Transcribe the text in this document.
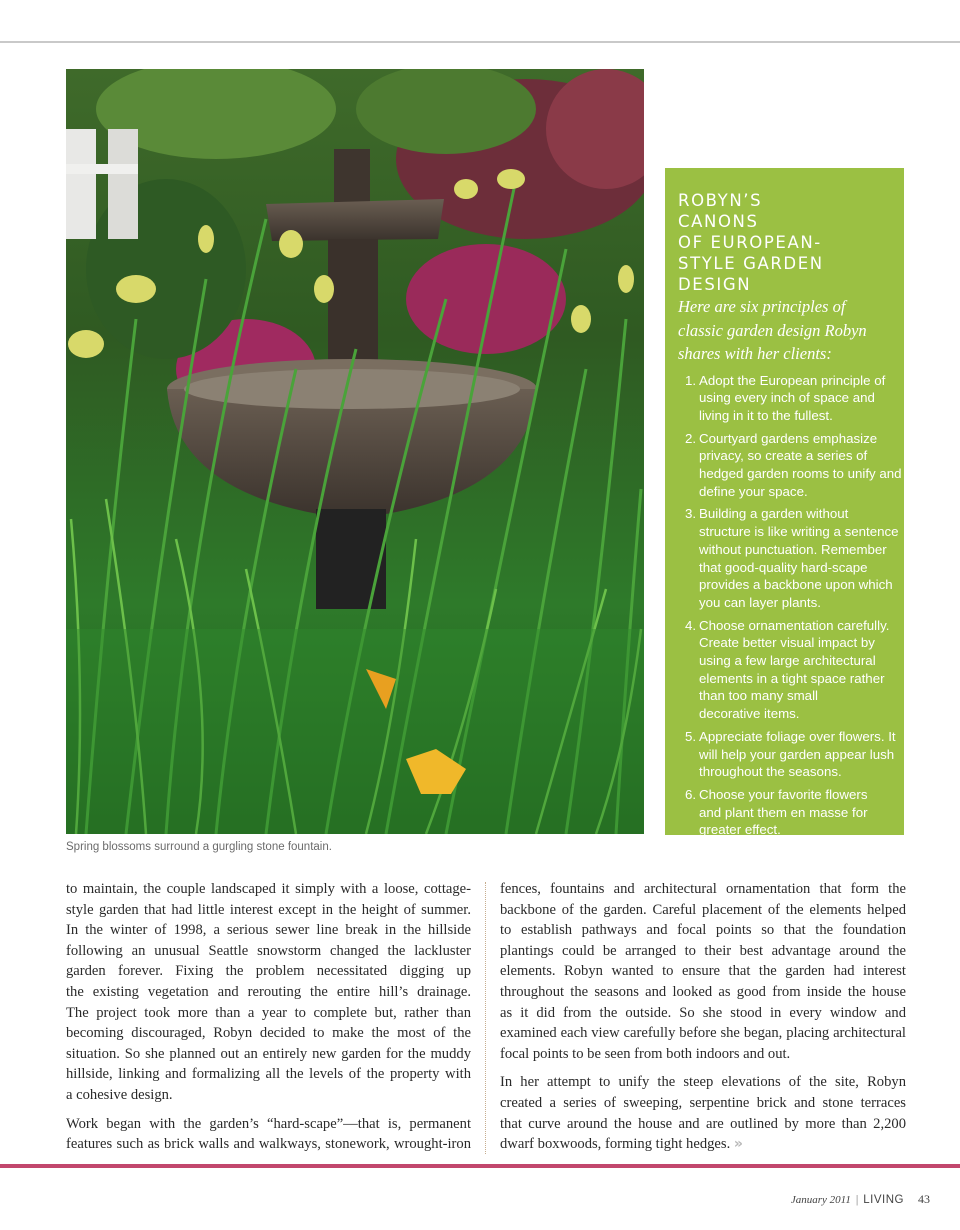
Spring blossoms surround a gurgling stone fountain.
ROBYN’S
CANONS
OF EUROPEAN-
STYLE GARDEN
DESIGN

Here are six principles of
classic garden design Robyn
shares with her clients:

1. Adopt the European principle of
using every inch of space and
living in it to the fullest.
2. Courtyard gardens emphasize
privacy, so create a series of
hedged garden rooms to unify and
define your space.
3. Building a garden without
structure is like writing a sentence
without punctuation. Remember
that good-quality hard-scape
provides a backbone upon which
you can layer plants.
4. Choose ornamentation carefully.
Create better visual impact by
using a few large architectural
elements in a tight space rather
than too many small
decorative items.
5. Appreciate foliage over flowers. It
will help your garden appear lush
throughout the seasons.
6. Choose your favorite flowers
and plant them en masse for
greater effect.

to maintain, the couple landscaped it simply with a loose, cottage-
style garden that had little interest except in the height of summer.
In the winter of 1998, a serious sewer line break in the hillside
following an unusual Seattle snowstorm changed the lackluster
garden forever. Fixing the problem necessitated digging up
the existing vegetation and rerouting the entire hill’s drainage.
The project took more than a year to complete but, rather than
becoming discouraged, Robyn decided to make the most of the
situation. So she planned out an entirely new garden for the muddy
hillside, linking and formalizing all the levels of the property with
a cohesive design.

Work began with the garden’s “hard-scape”—that is, permanent
features such as brick walls and walkways, stonework, wrought-iron

fences, fountains and architectural ornamentation that form the
backbone of the garden. Careful placement of the elements helped
to establish pathways and focal points so that the foundation
plantings could be arranged to their best advantage around the
elements. Robyn wanted to ensure that the garden had interest
throughout the seasons and looked as good from inside the house
as it did from the outside. So she stood in every window and
examined each view carefully before she began, placing architectural
focal points to be seen from both indoors and out.

In her attempt to unify the steep elevations of the site, Robyn
created a series of sweeping, serpentine brick and stone terraces
that curve around the house and are outlined by more than 2,200
dwarf boxwoods, forming tight hedges. »

January 2011 | LIVING 43
